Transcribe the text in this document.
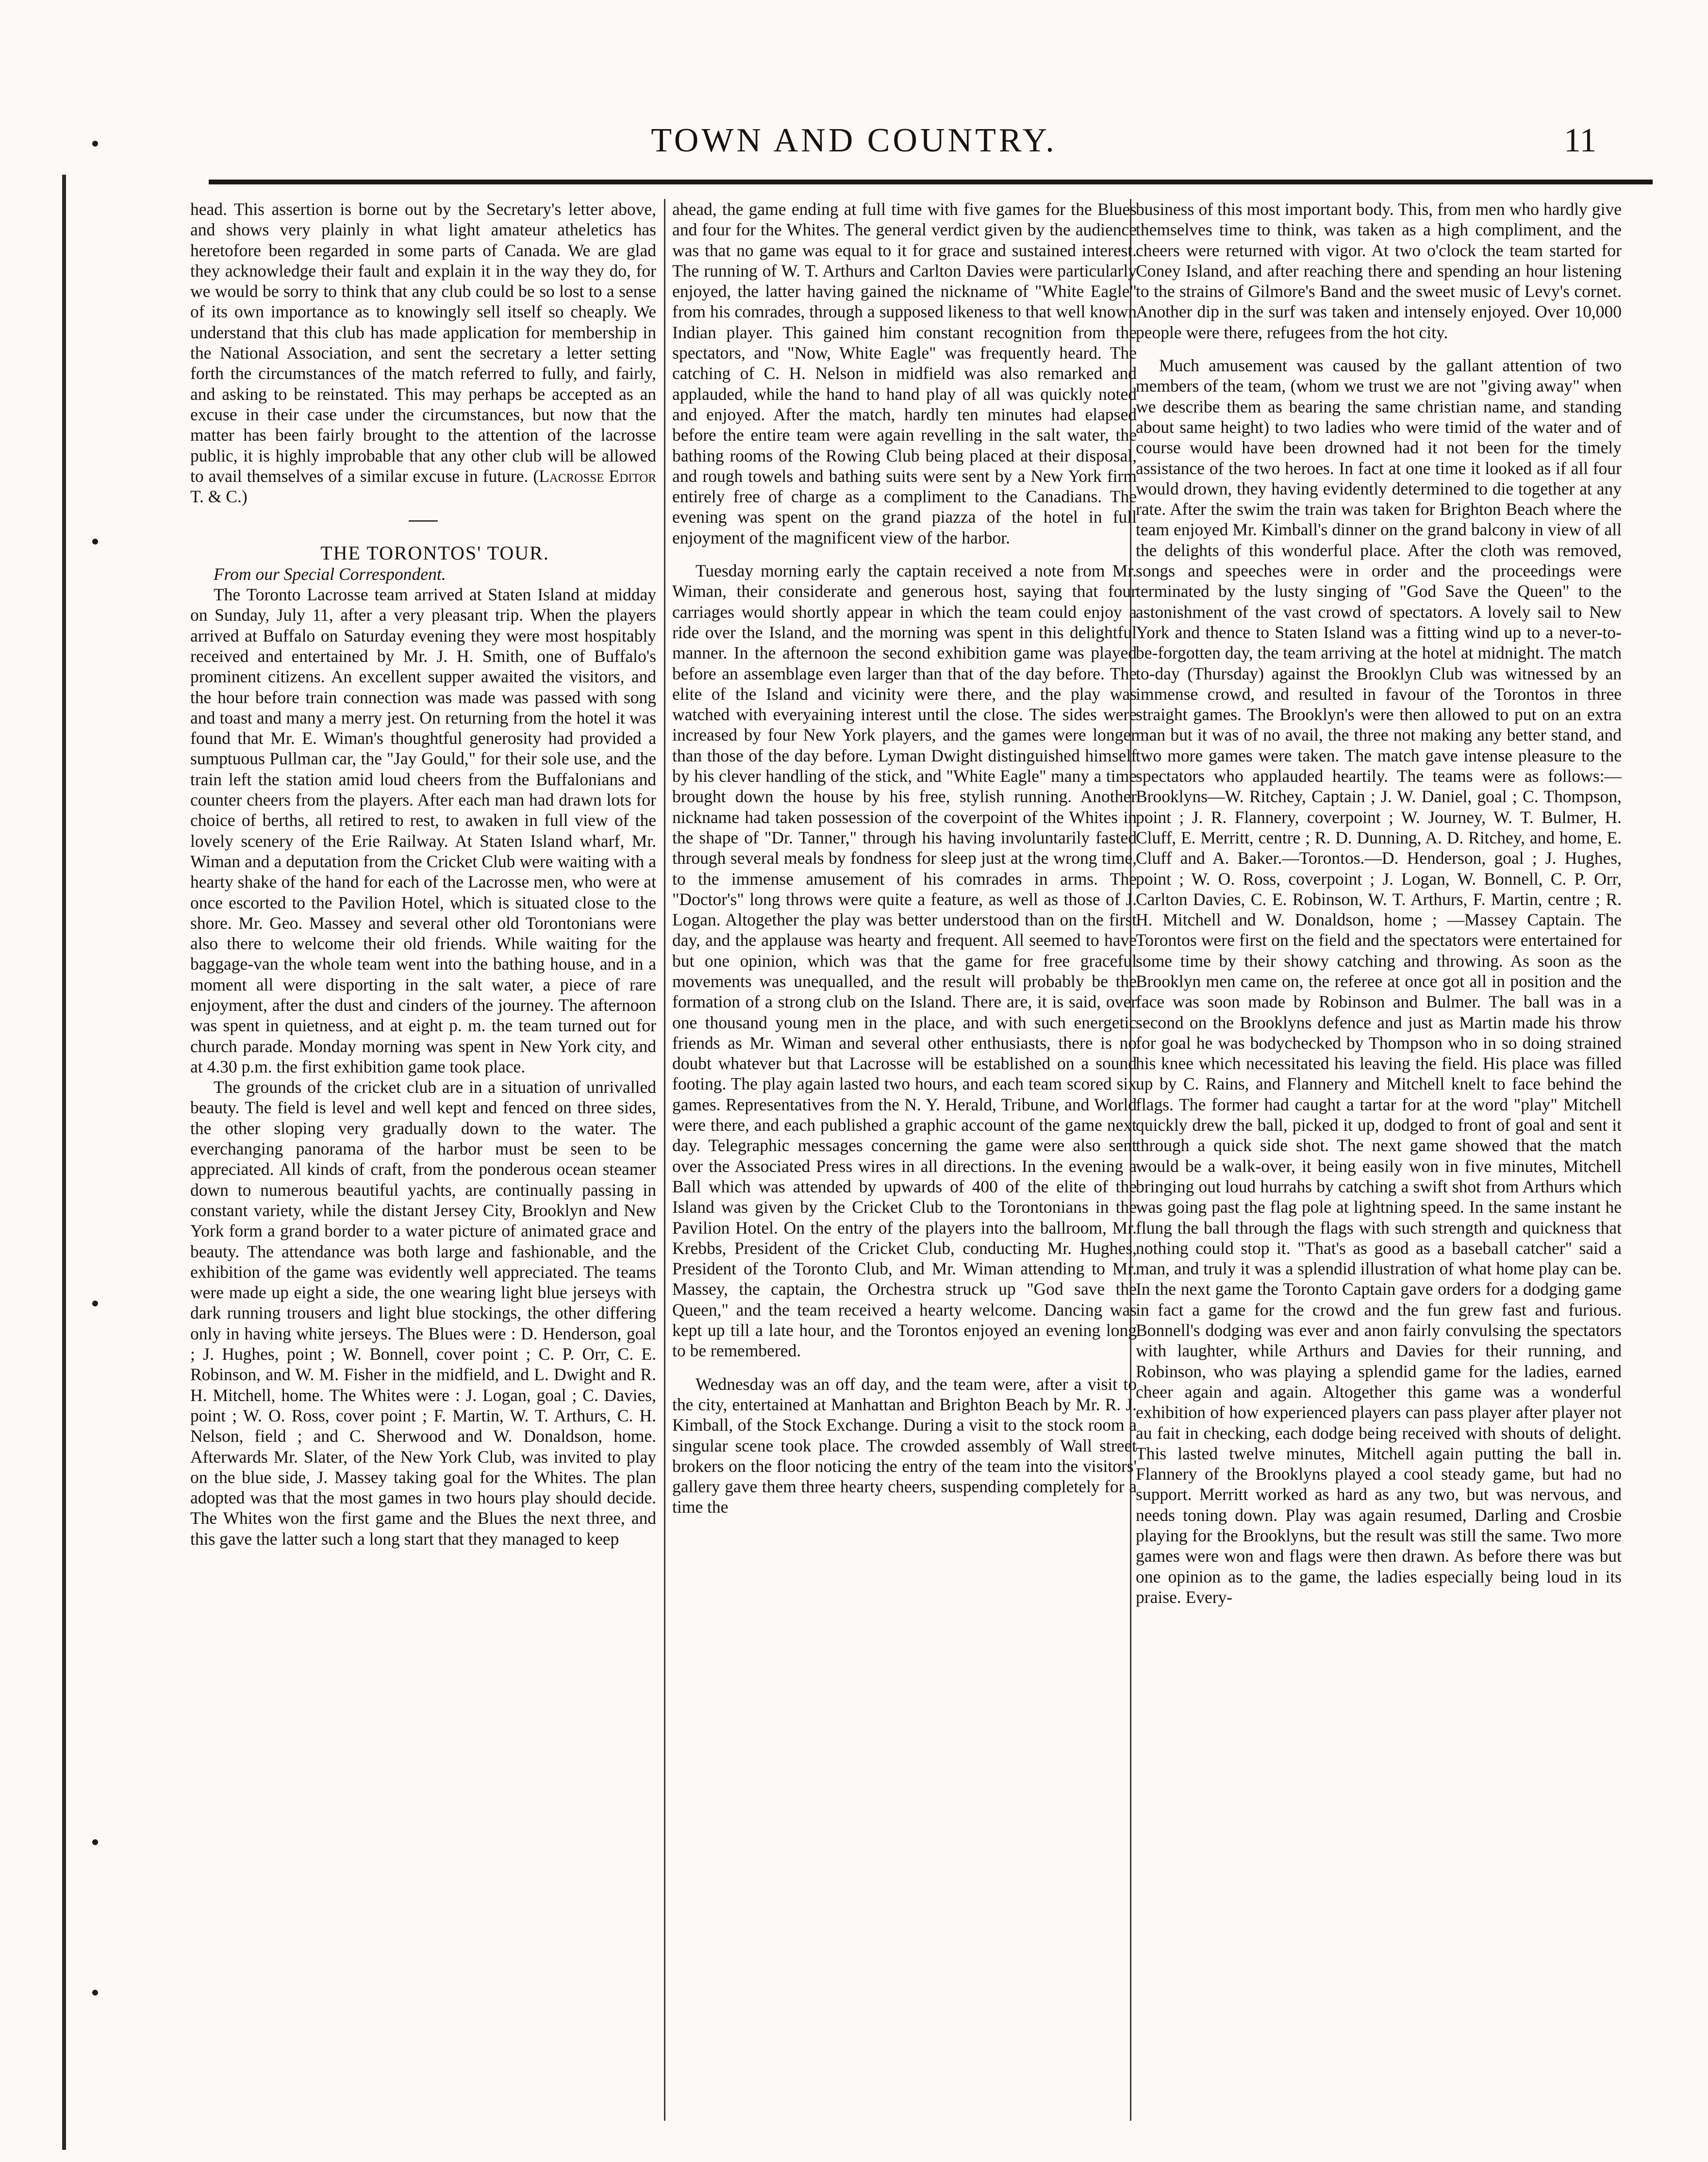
TOWN AND COUNTRY.	11

head. This assertion is borne out by the Secretary's letter above, and shows very plainly in what light amateur atheletics has heretofore been regarded in some parts of Canada. We are glad they acknowledge their fault and explain it in the way they do, for we would be sorry to think that any club could be so lost to a sense of its own importance as to knowingly sell itself so cheaply. We understand that this club has made application for membership in the National Association, and sent the secretary a letter setting forth the circumstances of the match referred to fully, and fairly, and asking to be reinstated. This may perhaps be accepted as an excuse in their case under the circumstances, but now that the matter has been fairly brought to the attention of the lacrosse public, it is highly improbable that any other club will be allowed to avail themselves of a similar excuse in future. (Lacrosse Editor T. & C.)

THE TORONTOS' TOUR.

From our Special Correspondent.

The Toronto Lacrosse team arrived at Staten Island at midday on Sunday, July 11, after a very pleasant trip. When the players arrived at Buffalo on Saturday evening they were most hospitably received and entertained by Mr. J. H. Smith, one of Buffalo's prominent citizens. An excellent supper awaited the visitors, and the hour before train connection was made was passed with song and toast and many a merry jest. On returning from the hotel it was found that Mr. E. Wiman's thoughtful generosity had provided a sumptuous Pullman car, the "Jay Gould," for their sole use, and the train left the station amid loud cheers from the Buffalonians and counter cheers from the players. After each man had drawn lots for choice of berths, all retired to rest, to awaken in full view of the lovely scenery of the Erie Railway. At Staten Island wharf, Mr. Wiman and a deputation from the Cricket Club were waiting with a hearty shake of the hand for each of the Lacrosse men, who were at once escorted to the Pavilion Hotel, which is situated close to the shore. Mr. Geo. Massey and several other old Torontonians were also there to welcome their old friends. While waiting for the baggage-van the whole team went into the bathing house, and in a moment all were disporting in the salt water, a piece of rare enjoyment, after the dust and cinders of the journey. The afternoon was spent in quietness, and at eight p. m. the team turned out for church parade. Monday morning was spent in New York city, and at 4.30 p.m. the first exhibition game took place.

The grounds of the cricket club are in a situation of unrivalled beauty. The field is level and well kept and fenced on three sides, the other sloping very gradually down to the water. The everchanging panorama of the harbor must be seen to be appreciated. All kinds of craft, from the ponderous ocean steamer down to numerous beautiful yachts, are continually passing in constant variety, while the distant Jersey City, Brooklyn and New York form a grand border to a water picture of animated grace and beauty. The attendance was both large and fashionable, and the exhibition of the game was evidently well appreciated. The teams were made up eight a side, the one wearing light blue jerseys with dark running trousers and light blue stockings, the other differing only in having white jerseys. The Blues were : D. Henderson, goal ; J. Hughes, point ; W. Bonnell, cover point ; C. P. Orr, C. E. Robinson, and W. M. Fisher in the midfield, and L. Dwight and R. H. Mitchell, home. The Whites were : J. Logan, goal ; C. Davies, point ; W. O. Ross, cover point ; F. Martin, W. T. Arthurs, C. H. Nelson, field ; and C. Sherwood and W. Donaldson, home. Afterwards Mr. Slater, of the New York Club, was invited to play on the blue side, J. Massey taking goal for the Whites. The plan adopted was that the most games in two hours play should decide. The Whites won the first game and the Blues the next three, and this gave the latter such a long start that they managed to keep

ahead, the game ending at full time with five games for the Blues and four for the Whites. The general verdict given by the audience was that no game was equal to it for grace and sustained interest. The running of W. T. Arthurs and Carlton Davies were particularly enjoyed, the latter having gained the nickname of "White Eagle" from his comrades, through a supposed likeness to that well known Indian player. This gained him constant recognition from the spectators, and "Now, White Eagle" was frequently heard. The catching of C. H. Nelson in midfield was also remarked and applauded, while the hand to hand play of all was quickly noted and enjoyed. After the match, hardly ten minutes had elapsed before the entire team were again revelling in the salt water, the bathing rooms of the Rowing Club being placed at their disposal, and rough towels and bathing suits were sent by a New York firm entirely free of charge as a compliment to the Canadians. The evening was spent on the grand piazza of the hotel in full enjoyment of the magnificent view of the harbor.

Tuesday morning early the captain received a note from Mr. Wiman, their considerate and generous host, saying that four carriages would shortly appear in which the team could enjoy a ride over the Island, and the morning was spent in this delightful manner. In the afternoon the second exhibition game was played before an assemblage even larger than that of the day before. The elite of the Island and vicinity were there, and the play was watched with everyaining interest until the close. The sides were increased by four New York players, and the games were longer than those of the day before. Lyman Dwight distinguished himself by his clever handling of the stick, and "White Eagle" many a time brought down the house by his free, stylish running. Another nickname had taken possession of the coverpoint of the Whites in the shape of "Dr. Tanner," through his having involuntarily fasted through several meals by fondness for sleep just at the wrong time, to the immense amusement of his comrades in arms. The "Doctor's" long throws were quite a feature, as well as those of J. Logan. Altogether the play was better understood than on the first day, and the applause was hearty and frequent. All seemed to have but one opinion, which was that the game for free graceful movements was unequalled, and the result will probably be the formation of a strong club on the Island. There are, it is said, over one thousand young men in the place, and with such energetic friends as Mr. Wiman and several other enthusiasts, there is no doubt whatever but that Lacrosse will be established on a sound footing. The play again lasted two hours, and each team scored six games. Representatives from the N. Y. Herald, Tribune, and World were there, and each published a graphic account of the game next day. Telegraphic messages concerning the game were also sent over the Associated Press wires in all directions. In the evening a Ball which was attended by upwards of 400 of the elite of the Island was given by the Cricket Club to the Torontonians in the Pavilion Hotel. On the entry of the players into the ballroom, Mr. Krebbs, President of the Cricket Club, conducting Mr. Hughes, President of the Toronto Club, and Mr. Wiman attending to Mr. Massey, the captain, the Orchestra struck up "God save the Queen," and the team received a hearty welcome. Dancing was kept up till a late hour, and the Torontos enjoyed an evening long to be remembered.

Wednesday was an off day, and the team were, after a visit to the city, entertained at Manhattan and Brighton Beach by Mr. R. J. Kimball, of the Stock Exchange. During a visit to the stock room a singular scene took place. The crowded assembly of Wall street brokers on the floor noticing the entry of the team into the visitors' gallery gave them three hearty cheers, suspending completely for a time the

business of this most important body. This, from men who hardly give themselves time to think, was taken as a high compliment, and the cheers were returned with vigor. At two o'clock the team started for Coney Island, and after reaching there and spending an hour listening to the strains of Gilmore's Band and the sweet music of Levy's cornet. Another dip in the surf was taken and intensely enjoyed. Over 10,000 people were there, refugees from the hot city.

Much amusement was caused by the gallant attention of two members of the team, (whom we trust we are not "giving away" when we describe them as bearing the same christian name, and standing about same height) to two ladies who were timid of the water and of course would have been drowned had it not been for the timely assistance of the two heroes. In fact at one time it looked as if all four would drown, they having evidently determined to die together at any rate. After the swim the train was taken for Brighton Beach where the team enjoyed Mr. Kimball's dinner on the grand balcony in view of all the delights of this wonderful place. After the cloth was removed, songs and speeches were in order and the proceedings were terminated by the lusty singing of "God Save the Queen" to the astonishment of the vast crowd of spectators. A lovely sail to New York and thence to Staten Island was a fitting wind up to a never-to-be-forgotten day, the team arriving at the hotel at midnight. The match to-day (Thursday) against the Brooklyn Club was witnessed by an immense crowd, and resulted in favour of the Torontos in three straight games. The Brooklyn's were then allowed to put on an extra man but it was of no avail, the three not making any better stand, and two more games were taken. The match gave intense pleasure to the spectators who applauded heartily. The teams were as follows:—Brooklyns—W. Ritchey, Captain ; J. W. Daniel, goal ; C. Thompson, point ; J. R. Flannery, coverpoint ; W. Journey, W. T. Bulmer, H. Cluff, E. Merritt, centre ; R. D. Dunning, A. D. Ritchey, and home, E. Cluff and A. Baker.—Torontos.—D. Henderson, goal ; J. Hughes, point ; W. O. Ross, coverpoint ; J. Logan, W. Bonnell, C. P. Orr, Carlton Davies, C. E. Robinson, W. T. Arthurs, F. Martin, centre ; R. H. Mitchell and W. Donaldson, home ; —Massey Captain. The Torontos were first on the field and the spectators were entertained for some time by their showy catching and throwing. As soon as the Brooklyn men came on, the referee at once got all in position and the face was soon made by Robinson and Bulmer. The ball was in a second on the Brooklyns defence and just as Martin made his throw for goal he was bodychecked by Thompson who in so doing strained his knee which necessitated his leaving the field. His place was filled up by C. Rains, and Flannery and Mitchell knelt to face behind the flags. The former had caught a tartar for at the word "play" Mitchell quickly drew the ball, picked it up, dodged to front of goal and sent it through a quick side shot. The next game showed that the match would be a walk-over, it being easily won in five minutes, Mitchell bringing out loud hurrahs by catching a swift shot from Arthurs which was going past the flag pole at lightning speed. In the same instant he flung the ball through the flags with such strength and quickness that nothing could stop it. "That's as good as a baseball catcher" said a man, and truly it was a splendid illustration of what home play can be. In the next game the Toronto Captain gave orders for a dodging game in fact a game for the crowd and the fun grew fast and furious. Bonnell's dodging was ever and anon fairly convulsing the spectators with laughter, while Arthurs and Davies for their running, and Robinson, who was playing a splendid game for the ladies, earned cheer again and again. Altogether this game was a wonderful exhibition of how experienced players can pass player after player not au fait in checking, each dodge being received with shouts of delight. This lasted twelve minutes, Mitchell again putting the ball in. Flannery of the Brooklyns played a cool steady game, but had no support. Merritt worked as hard as any two, but was nervous, and needs toning down. Play was again resumed, Darling and Crosbie playing for the Brooklyns, but the result was still the same. Two more games were won and flags were then drawn. As before there was but one opinion as to the game, the ladies especially being loud in its praise. Every-
